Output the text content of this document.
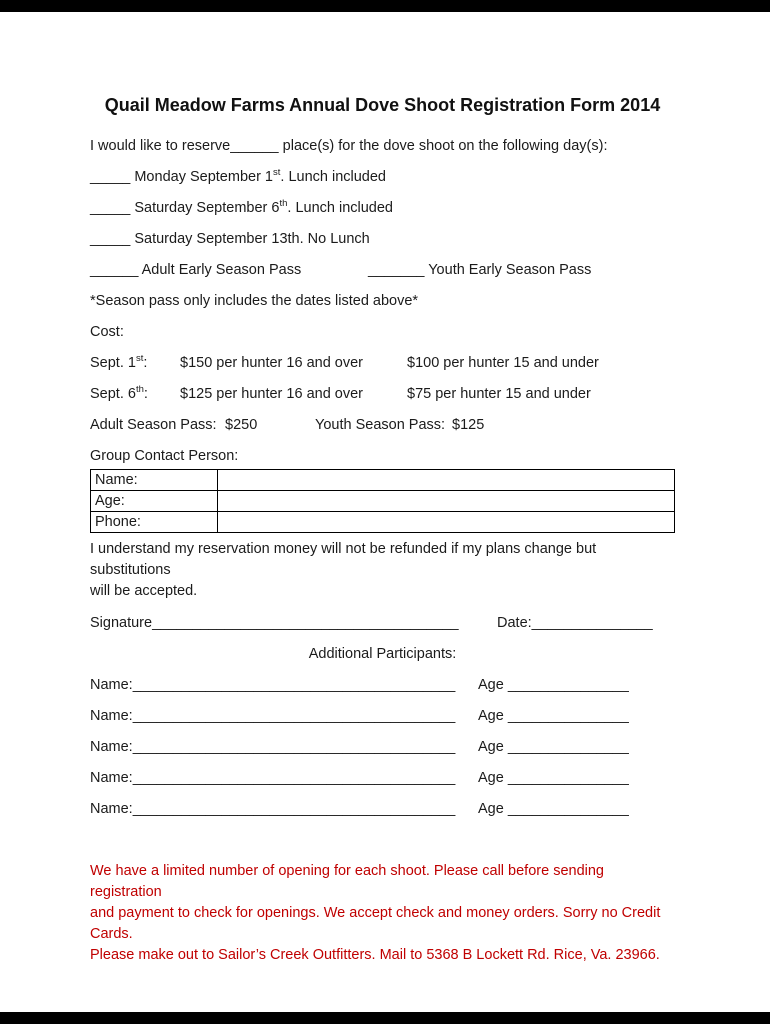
Quail Meadow Farms Annual Dove Shoot Registration Form 2014

I would like to reserve______ place(s) for the dove shoot on the following day(s):

_____ Monday September 1st. Lunch included

_____ Saturday September 6th. Lunch included

_____ Saturday September 13th. No Lunch

______ Adult Early Season Pass	_______ Youth Early Season Pass

*Season pass only includes the dates listed above*

Cost:

Sept. 1st: $150 per hunter 16 and over	$100 per hunter 15 and under

Sept. 6th: $125 per hunter 16 and over	$75 per hunter 15 and under

Adult Season Pass: $250	Youth Season Pass: $125

Group Contact Person:

Name:	
Age:	
Phone:	

I understand my reservation money will not be refunded if my plans change but substitutions
will be accepted.

Signature______________________________________	Date:_______________

Additional Participants:

Name:________________________________________ Age _______________

Name:________________________________________ Age _______________

Name:________________________________________ Age _______________

Name:________________________________________ Age _______________

Name:________________________________________ Age _______________

We have a limited number of opening for each shoot. Please call before sending registration
and payment to check for openings. We accept check and money orders. Sorry no Credit Cards.
Please make out to Sailor’s Creek Outfitters. Mail to 5368 B Lockett Rd. Rice, Va. 23966.
